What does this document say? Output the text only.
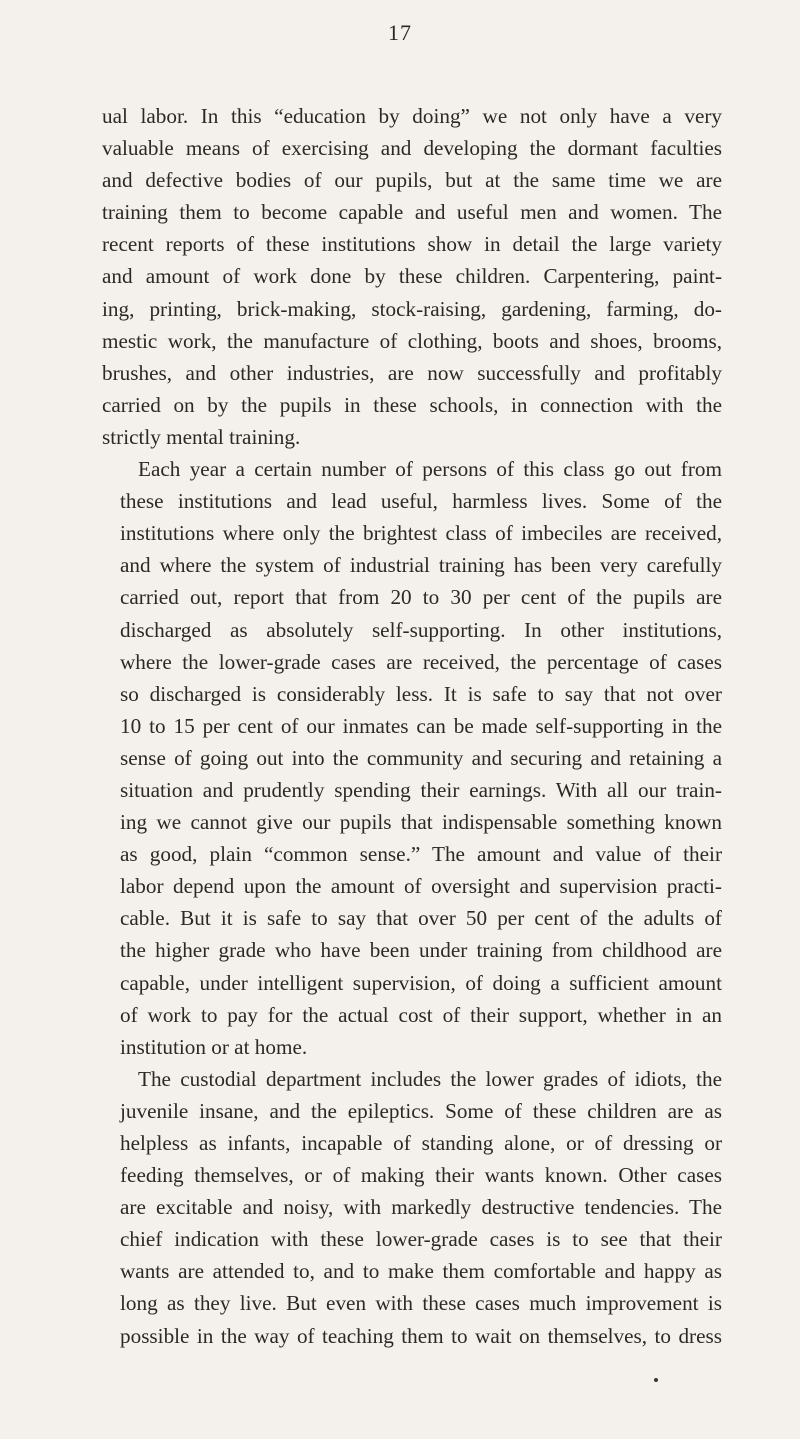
17

ual labor. In this “education by doing” we not only have a very
valuable means of exercising and developing the dormant faculties
and defective bodies of our pupils, but at the same time we are
training them to become capable and useful men and women. The
recent reports of these institutions show in detail the large variety
and amount of work done by these children. Carpentering, paint-
ing, printing, brick-making, stock-raising, gardening, farming, do-
mestic work, the manufacture of clothing, boots and shoes, brooms,
brushes, and other industries, are now successfully and profitably
carried on by the pupils in these schools, in connection with the
strictly mental training.

Each year a certain number of persons of this class go out from
these institutions and lead useful, harmless lives. Some of the
institutions where only the brightest class of imbeciles are received,
and where the system of industrial training has been very carefully
carried out, report that from 20 to 30 per cent of the pupils are
discharged as absolutely self-supporting. In other institutions,
where the lower-grade cases are received, the percentage of cases
so discharged is considerably less. It is safe to say that not over
10 to 15 per cent of our inmates can be made self-supporting in the
sense of going out into the community and securing and retaining a
situation and prudently spending their earnings. With all our train-
ing we cannot give our pupils that indispensable something known
as good, plain “common sense.” The amount and value of their
labor depend upon the amount of oversight and supervision practi-
cable. But it is safe to say that over 50 per cent of the adults of
the higher grade who have been under training from childhood are
capable, under intelligent supervision, of doing a sufficient amount
of work to pay for the actual cost of their support, whether in an
institution or at home.

The custodial department includes the lower grades of idiots, the
juvenile insane, and the epileptics. Some of these children are as
helpless as infants, incapable of standing alone, or of dressing or
feeding themselves, or of making their wants known. Other cases
are excitable and noisy, with markedly destructive tendencies. The
chief indication with these lower-grade cases is to see that their
wants are attended to, and to make them comfortable and happy as
long as they live. But even with these cases much improvement is
possible in the way of teaching them to wait on themselves, to dress
